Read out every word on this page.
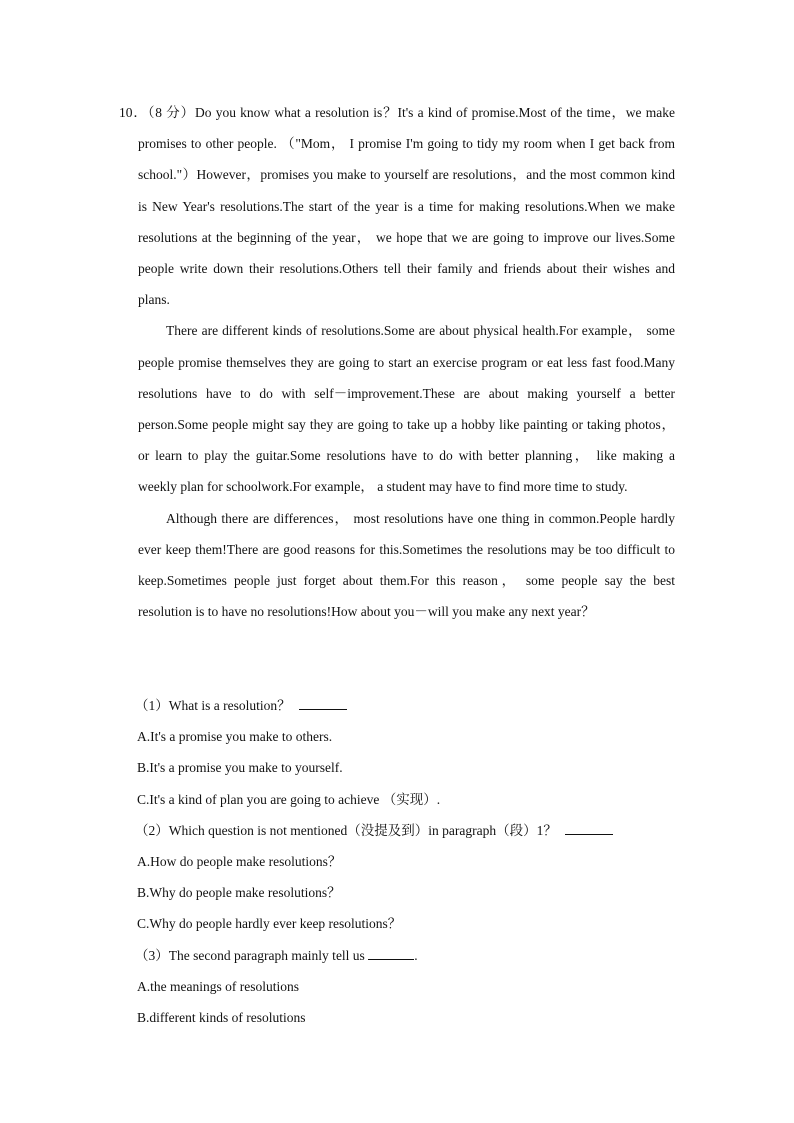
10．（8 分）Do you know what a resolution is？It's a kind of promise.Most of the time，we make promises to other people. （"Mom， I promise I'm going to tidy my room when I get back from school."）However，promises you make to yourself are resolutions，and the most common kind is New Year's resolutions.The start of the year is a time for making resolutions.When we make resolutions at the beginning of the year， we hope that we are going to improve our lives.Some people write down their resolutions.Others tell their family and friends about their wishes and plans.

There are different kinds of resolutions.Some are about physical health.For example， some people promise themselves they are going to start an exercise program or eat less fast food.Many resolutions have to do with self－improvement.These are about making yourself a better person.Some people might say they are going to take up a hobby like painting or taking photos， or learn to play the guitar.Some resolutions have to do with better planning， like making a weekly plan for schoolwork.For example， a student may have to find more time to study.

Although there are differences， most resolutions have one thing in common.People hardly ever keep them!There are good reasons for this.Sometimes the resolutions may be too difficult to keep.Sometimes people just forget about them.For this reason， some people say the best resolution is to have no resolutions!How about you－will you make any next year？

（1）What is a resolution？
A.It's a promise you make to others.
B.It's a promise you make to yourself.
C.It's a kind of plan you are going to achieve （实现）.
（2）Which question is not mentioned（没提及到）in paragraph（段）1？
A.How do people make resolutions？
B.Why do people make resolutions？
C.Why do people hardly ever keep resolutions？
（3）The second paragraph mainly tell us	.
A.the meanings of resolutions
B.different kinds of resolutions
